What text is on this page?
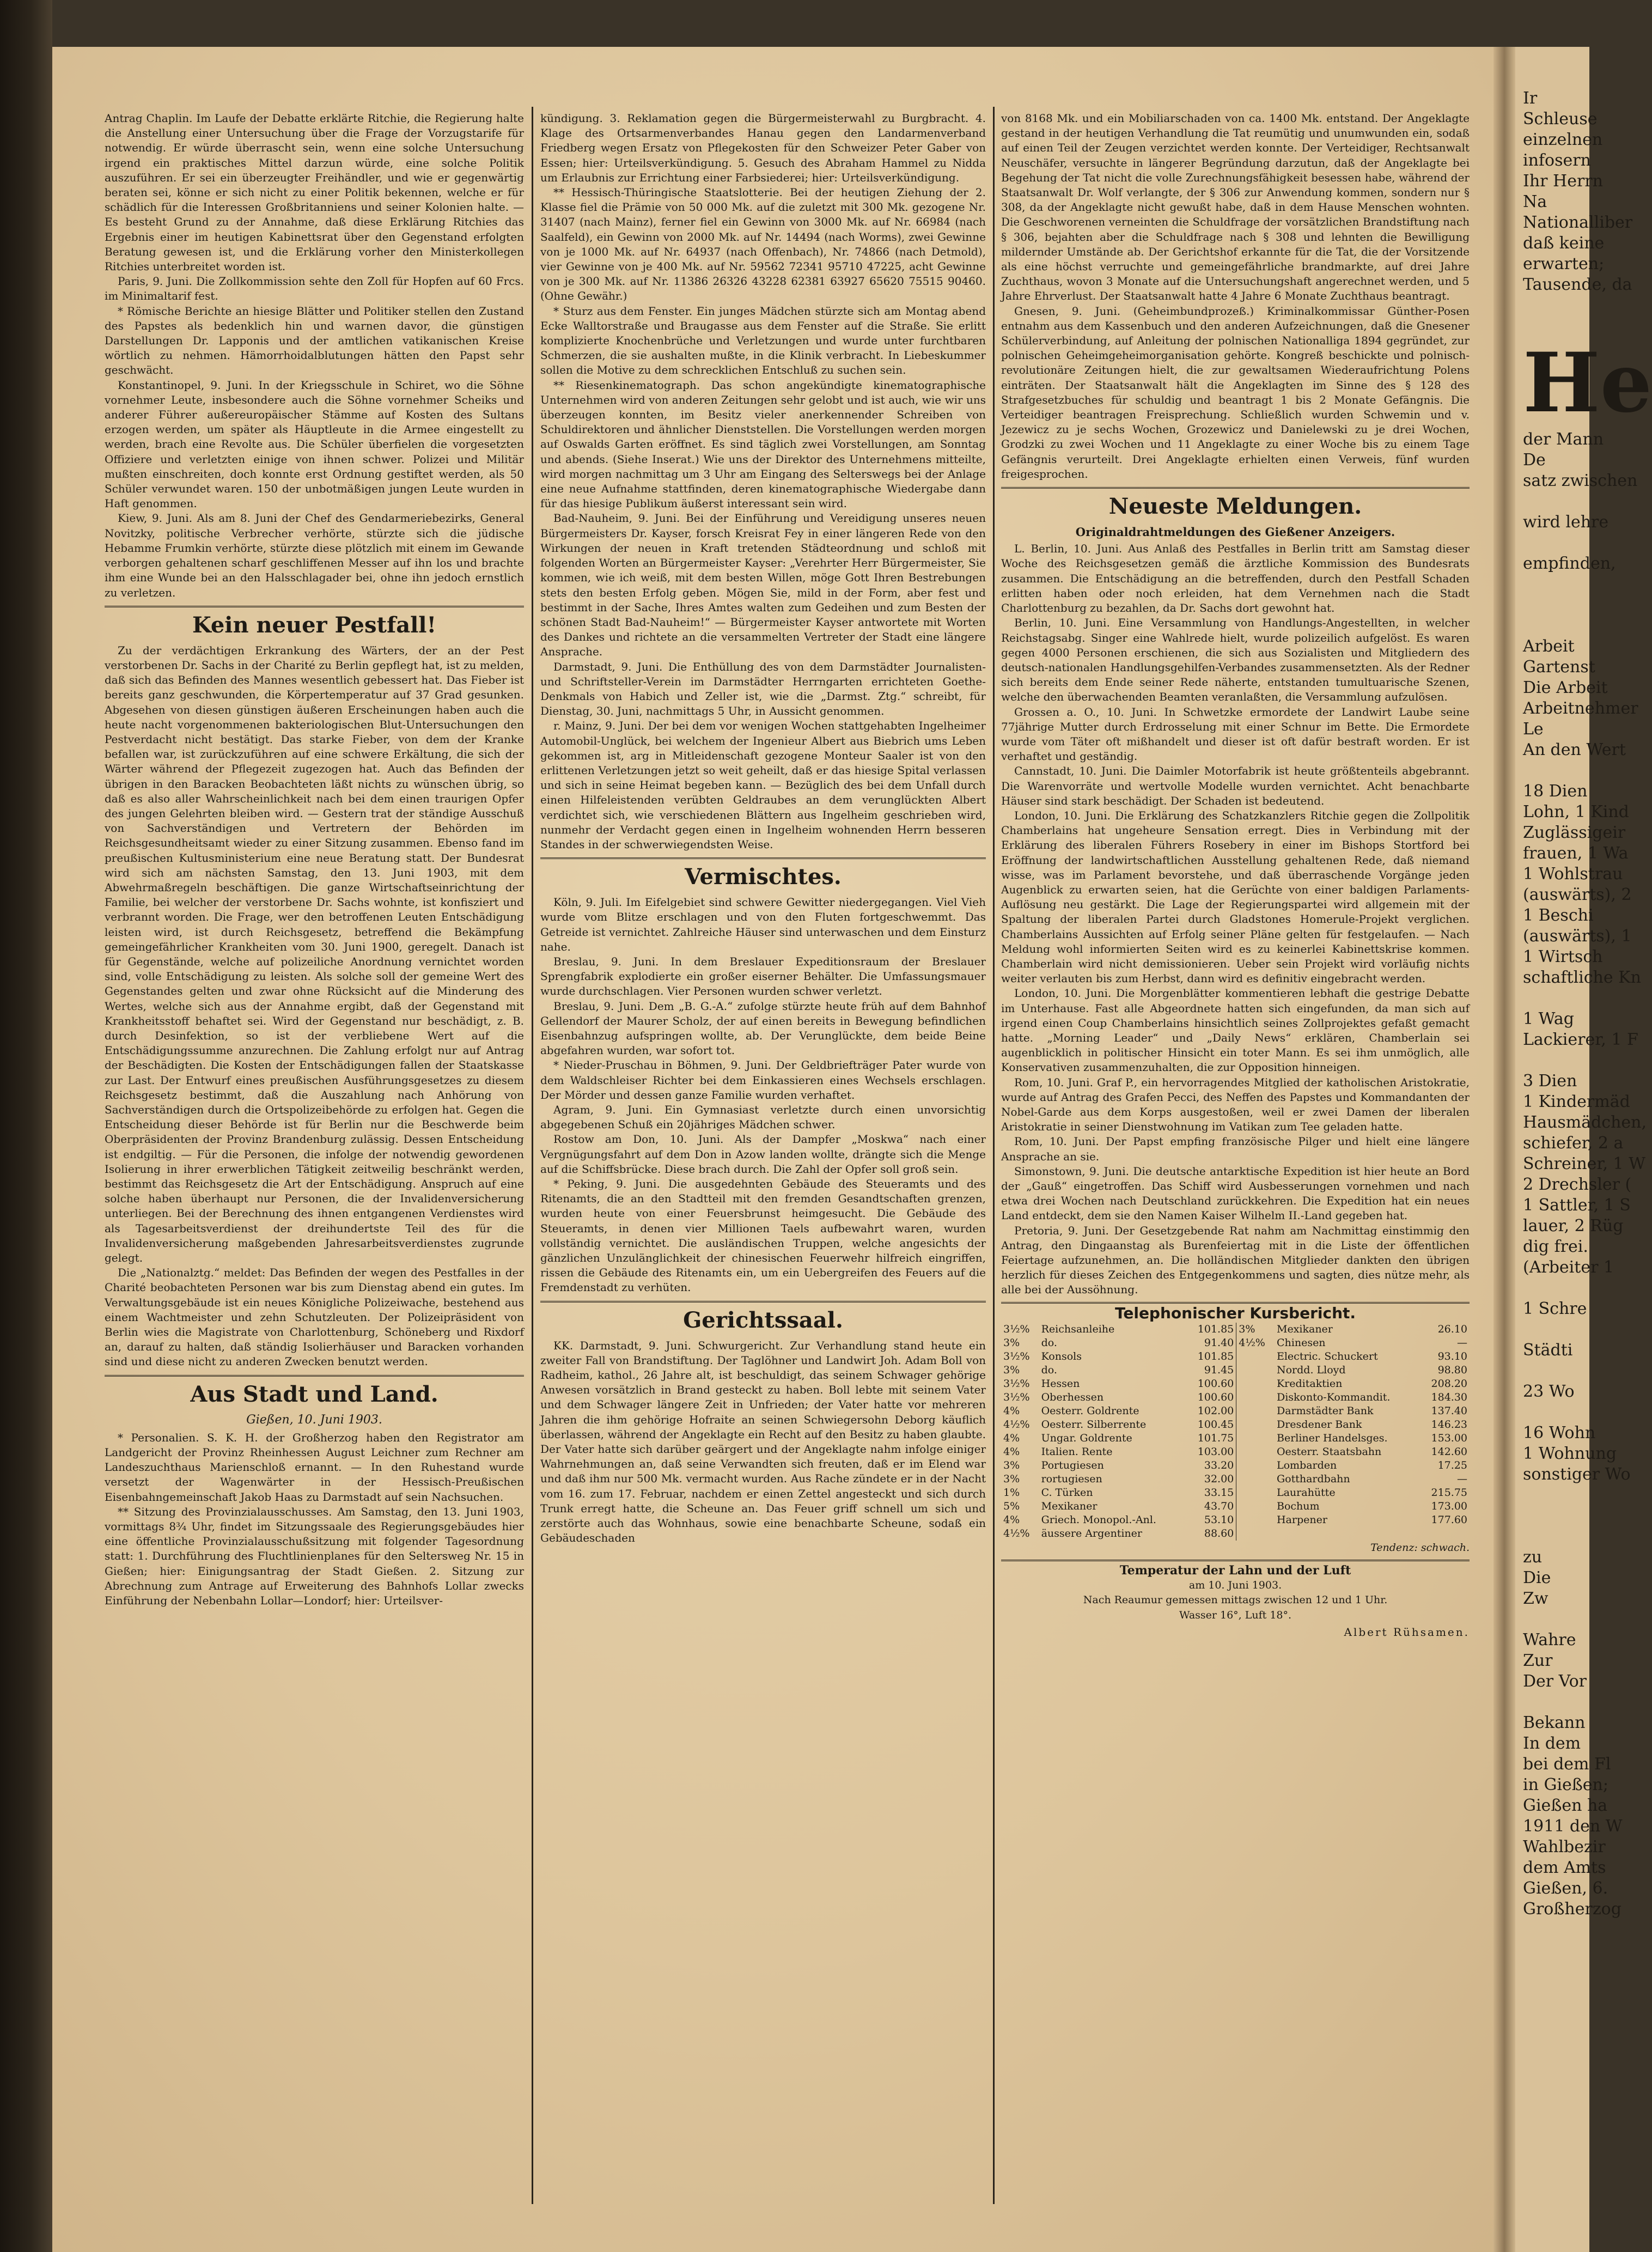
Antrag Chaplin. Im Laufe der Debatte erklärte Ritchie, die Regierung halte die Anstellung einer Untersuchung über die Frage der Vorzugstarife für notwendig. Er würde überrascht sein, wenn eine solche Untersuchung irgend ein praktisches Mittel darzun würde, eine solche Politik auszuführen. Er sei ein überzeugter Freihändler, und wie er gegenwärtig beraten sei, könne er sich nicht zu einer Politik bekennen, welche er für schädlich für die Interessen Großbritanniens und seiner Kolonien halte. — Es besteht Grund zu der Annahme, daß diese Erklärung Ritchies das Ergebnis einer im heutigen Kabinettsrat über den Gegenstand erfolgten Beratung gewesen ist, und die Erklärung vorher den Ministerkollegen Ritchies unterbreitet worden ist.

Paris, 9. Juni. Die Zollkommission sehte den Zoll für Hopfen auf 60 Frcs. im Minimaltarif fest.

* Römische Berichte an hiesige Blätter und Politiker stellen den Zustand des Papstes als bedenklich hin und warnen davor, die günstigen Darstellungen Dr. Lapponis und der amtlichen vatikanischen Kreise wörtlich zu nehmen. Hämorrhoidalblutungen hätten den Papst sehr geschwächt.

Konstantinopel, 9. Juni. In der Kriegsschule in Schiret, wo die Söhne vornehmer Leute, insbesondere auch die Söhne vornehmer Scheiks und anderer Führer außereuropäischer Stämme auf Kosten des Sultans erzogen werden, um später als Häuptleute in die Armee eingestellt zu werden, brach eine Revolte aus. Die Schüler überfielen die vorgesetzten Offiziere und verletzten einige von ihnen schwer. Polizei und Militär mußten einschreiten, doch konnte erst Ordnung gestiftet werden, als 50 Schüler verwundet waren. 150 der unbotmäßigen jungen Leute wurden in Haft genommen.

Kiew, 9. Juni. Als am 8. Juni der Chef des Gendarmeriebezirks, General Novitzky, politische Verbrecher verhörte, stürzte sich die jüdische Hebamme Frumkin verhörte, stürzte diese plötzlich mit einem im Gewande verborgen gehaltenen scharf geschliffenen Messer auf ihn los und brachte ihm eine Wunde bei an den Halsschlagader bei, ohne ihn jedoch ernstlich zu verletzen.

Kein neuer Pestfall!

Zu der verdächtigen Erkrankung des Wärters, der an der Pest verstorbenen Dr. Sachs in der Charité zu Berlin gepflegt hat, ist zu melden, daß sich das Befinden des Mannes wesentlich gebessert hat. Das Fieber ist bereits ganz geschwunden, die Körpertemperatur auf 37 Grad gesunken. Abgesehen von diesen günstigen äußeren Erscheinungen haben auch die heute nacht vorgenommenen bakteriologischen Blut-Untersuchungen den Pestverdacht nicht bestätigt. Das starke Fieber, von dem der Kranke befallen war, ist zurückzuführen auf eine schwere Erkältung, die sich der Wärter während der Pflegezeit zugezogen hat. Auch das Befinden der übrigen in den Baracken Beobachteten läßt nichts zu wünschen übrig, so daß es also aller Wahrscheinlichkeit nach bei dem einen traurigen Opfer des jungen Gelehrten bleiben wird. — Gestern trat der ständige Ausschuß von Sachverständigen und Vertretern der Behörden im Reichsgesundheitsamt wieder zu einer Sitzung zusammen. Ebenso fand im preußischen Kultusministerium eine neue Beratung statt. Der Bundesrat wird sich am nächsten Samstag, den 13. Juni 1903, mit dem Abwehrmaßregeln beschäftigen. Die ganze Wirtschaftseinrichtung der Familie, bei welcher der verstorbene Dr. Sachs wohnte, ist konfisziert und verbrannt worden. Die Frage, wer den betroffenen Leuten Entschädigung leisten wird, ist durch Reichsgesetz, betreffend die Bekämpfung gemeingefährlicher Krankheiten vom 30. Juni 1900, geregelt. Danach ist für Gegenstände, welche auf polizeiliche Anordnung vernichtet worden sind, volle Entschädigung zu leisten. Als solche soll der gemeine Wert des Gegenstandes gelten und zwar ohne Rücksicht auf die Minderung des Wertes, welche sich aus der Annahme ergibt, daß der Gegenstand mit Krankheitsstoff behaftet sei. Wird der Gegenstand nur beschädigt, z. B. durch Desinfektion, so ist der verbliebene Wert auf die Entschädigungssumme anzurechnen. Die Zahlung erfolgt nur auf Antrag der Beschädigten. Die Kosten der Entschädigungen fallen der Staatskasse zur Last. Der Entwurf eines preußischen Ausführungsgesetzes zu diesem Reichsgesetz bestimmt, daß die Auszahlung nach Anhörung von Sachverständigen durch die Ortspolizeibehörde zu erfolgen hat. Gegen die Entscheidung dieser Behörde ist für Berlin nur die Beschwerde beim Oberpräsidenten der Provinz Brandenburg zulässig. Dessen Entscheidung ist endgiltig. — Für die Personen, die infolge der notwendig gewordenen Isolierung in ihrer erwerblichen Tätigkeit zeitweilig beschränkt werden, bestimmt das Reichsgesetz die Art der Entschädigung. Anspruch auf eine solche haben überhaupt nur Personen, die der Invalidenversicherung unterliegen. Bei der Berechnung des ihnen entgangenen Verdienstes wird als Tagesarbeitsverdienst der dreihundertste Teil des für die Invalidenversicherung maßgebenden Jahresarbeitsverdienstes zugrunde gelegt.

Die „Nationalztg.“ meldet: Das Befinden der wegen des Pestfalles in der Charité beobachteten Personen war bis zum Dienstag abend ein gutes. Im Verwaltungsgebäude ist ein neues Königliche Polizeiwache, bestehend aus einem Wachtmeister und zehn Schutzleuten. Der Polizeipräsident von Berlin wies die Magistrate von Charlottenburg, Schöneberg und Rixdorf an, darauf zu halten, daß ständig Isolierhäuser und Baracken vorhanden sind und diese nicht zu anderen Zwecken benutzt werden.

Aus Stadt und Land.
Gießen, 10. Juni 1903.

* Personalien. S. K. H. der Großherzog haben den Registrator am Landgericht der Provinz Rheinhessen August Leichner zum Rechner am Landeszuchthaus Marienschloß ernannt. — In den Ruhestand wurde versetzt der Wagenwärter in der Hessisch-Preußischen Eisenbahngemeinschaft Jakob Haas zu Darmstadt auf sein Nachsuchen.

** Sitzung des Provinzialausschusses. Am Samstag, den 13. Juni 1903, vormittags 8¾ Uhr, findet im Sitzungssaale des Regierungsgebäudes hier eine öffentliche Provinzialausschußsitzung mit folgender Tagesordnung statt: 1. Durchführung des Fluchtlinienplanes für den Seltersweg Nr. 15 in Gießen; hier: Einigungsantrag der Stadt Gießen. 2. Sitzung zur Abrechnung zum Antrage auf Erweiterung des Bahnhofs Lollar zwecks Einführung der Nebenbahn Lollar—Londorf; hier: Urteilsver-

kündigung. 3. Reklamation gegen die Bürgermeisterwahl zu Burgbracht. 4. Klage des Ortsarmenverbandes Hanau gegen den Landarmenverband Friedberg wegen Ersatz von Pflegekosten für den Schweizer Peter Gaber von Essen; hier: Urteilsverkündigung. 5. Gesuch des Abraham Hammel zu Nidda um Erlaubnis zur Errichtung einer Farbsiederei; hier: Urteilsverkündigung.

** Hessisch-Thüringische Staatslotterie. Bei der heutigen Ziehung der 2. Klasse fiel die Prämie von 50 000 Mk. auf die zuletzt mit 300 Mk. gezogene Nr. 31407 (nach Mainz), ferner fiel ein Gewinn von 3000 Mk. auf Nr. 66984 (nach Saalfeld), ein Gewinn von 2000 Mk. auf Nr. 14494 (nach Worms), zwei Gewinne von je 1000 Mk. auf Nr. 64937 (nach Offenbach), Nr. 74866 (nach Detmold), vier Gewinne von je 400 Mk. auf Nr. 59562 72341 95710 47225, acht Gewinne von je 300 Mk. auf Nr. 11386 26326 43228 62381 63927 65620 75515 90460. (Ohne Gewähr.)

* Sturz aus dem Fenster. Ein junges Mädchen stürzte sich am Montag abend Ecke Walltorstraße und Braugasse aus dem Fenster auf die Straße. Sie erlitt komplizierte Knochenbrüche und Verletzungen und wurde unter furchtbaren Schmerzen, die sie aushalten mußte, in die Klinik verbracht. In Liebeskummer sollen die Motive zu dem schrecklichen Entschluß zu suchen sein.

** Riesenkinematograph. Das schon angekündigte kinematographische Unternehmen wird von anderen Zeitungen sehr gelobt und ist auch, wie wir uns überzeugen konnten, im Besitz vieler anerkennender Schreiben von Schuldirektoren und ähnlicher Dienststellen. Die Vorstellungen werden morgen auf Oswalds Garten eröffnet. Es sind täglich zwei Vorstellungen, am Sonntag und abends. (Siehe Inserat.) Wie uns der Direktor des Unternehmens mitteilte, wird morgen nachmittag um 3 Uhr am Eingang des Selterswegs bei der Anlage eine neue Aufnahme stattfinden, deren kinematographische Wiedergabe dann für das hiesige Publikum äußerst interessant sein wird.

Bad-Nauheim, 9. Juni. Bei der Einführung und Vereidigung unseres neuen Bürgermeisters Dr. Kayser, forsch Kreisrat Fey in einer längeren Rede von den Wirkungen der neuen in Kraft tretenden Städteordnung und schloß mit folgenden Worten an Bürgermeister Kayser: „Verehrter Herr Bürgermeister, Sie kommen, wie ich weiß, mit dem besten Willen, möge Gott Ihren Bestrebungen stets den besten Erfolg geben. Mögen Sie, mild in der Form, aber fest und bestimmt in der Sache, Ihres Amtes walten zum Gedeihen und zum Besten der schönen Stadt Bad-Nauheim!“ — Bürgermeister Kayser antwortete mit Worten des Dankes und richtete an die versammelten Vertreter der Stadt eine längere Ansprache.

Darmstadt, 9. Juni. Die Enthüllung des von dem Darmstädter Journalisten- und Schriftsteller-Verein im Darmstädter Herrngarten errichteten Goethe-Denkmals von Habich und Zeller ist, wie die „Darmst. Ztg.“ schreibt, für Dienstag, 30. Juni, nachmittags 5 Uhr, in Aussicht genommen.

r. Mainz, 9. Juni. Der bei dem vor wenigen Wochen stattgehabten Ingelheimer Automobil-Unglück, bei welchem der Ingenieur Albert aus Biebrich ums Leben gekommen ist, arg in Mitleidenschaft gezogene Monteur Saaler ist von den erlittenen Verletzungen jetzt so weit geheilt, daß er das hiesige Spital verlassen und sich in seine Heimat begeben kann. — Bezüglich des bei dem Unfall durch einen Hilfeleistenden verübten Geldraubes an dem verunglückten Albert verdichtet sich, wie verschiedenen Blättern aus Ingelheim geschrieben wird, nunmehr der Verdacht gegen einen in Ingelheim wohnenden Herrn besseren Standes in der schwerwiegendsten Weise.

Vermischtes.

Köln, 9. Juli. Im Eifelgebiet sind schwere Gewitter niedergegangen. Viel Vieh wurde vom Blitze erschlagen und von den Fluten fortgeschwemmt. Das Getreide ist vernichtet. Zahlreiche Häuser sind unterwaschen und dem Einsturz nahe.

Breslau, 9. Juni. In dem Breslauer Expeditionsraum der Breslauer Sprengfabrik explodierte ein großer eiserner Behälter. Die Umfassungsmauer wurde durchschlagen. Vier Personen wurden schwer verletzt.

Breslau, 9. Juni. Dem „B. G.-A.“ zufolge stürzte heute früh auf dem Bahnhof Gellendorf der Maurer Scholz, der auf einen bereits in Bewegung befindlichen Eisenbahnzug aufspringen wollte, ab. Der Verunglückte, dem beide Beine abgefahren wurden, war sofort tot.

* Nieder-Pruschau in Böhmen, 9. Juni. Der Geldbriefträger Pater wurde von dem Waldschleiser Richter bei dem Einkassieren eines Wechsels erschlagen. Der Mörder und dessen ganze Familie wurden verhaftet.

Agram, 9. Juni. Ein Gymnasiast verletzte durch einen unvorsichtig abgegebenen Schuß ein 20jähriges Mädchen schwer.

Rostow am Don, 10. Juni. Als der Dampfer „Moskwa“ nach einer Vergnügungsfahrt auf dem Don in Azow landen wollte, drängte sich die Menge auf die Schiffsbrücke. Diese brach durch. Die Zahl der Opfer soll groß sein.

* Peking, 9. Juni. Die ausgedehnten Gebäude des Steueramts und des Ritenamts, die an den Stadtteil mit den fremden Gesandtschaften grenzen, wurden heute von einer Feuersbrunst heimgesucht. Die Gebäude des Steueramts, in denen vier Millionen Taels aufbewahrt waren, wurden vollständig vernichtet. Die ausländischen Truppen, welche angesichts der gänzlichen Unzulänglichkeit der chinesischen Feuerwehr hilfreich eingriffen, rissen die Gebäude des Ritenamts ein, um ein Uebergreifen des Feuers auf die Fremdenstadt zu verhüten.

Gerichtssaal.

KK. Darmstadt, 9. Juni. Schwurgericht. Zur Verhandlung stand heute ein zweiter Fall von Brandstiftung. Der Taglöhner und Landwirt Joh. Adam Boll von Radheim, kathol., 26 Jahre alt, ist beschuldigt, das seinem Schwager gehörige Anwesen vorsätzlich in Brand gesteckt zu haben. Boll lebte mit seinem Vater und dem Schwager längere Zeit in Unfrieden; der Vater hatte vor mehreren Jahren die ihm gehörige Hofraite an seinen Schwiegersohn Deborg käuflich überlassen, während der Angeklagte ein Recht auf den Besitz zu haben glaubte. Der Vater hatte sich darüber geärgert und der Angeklagte nahm infolge einiger Wahrnehmungen an, daß seine Verwandten sich freuten, daß er im Elend war und daß ihm nur 500 Mk. vermacht wurden. Aus Rache zündete er in der Nacht vom 16. zum 17. Februar, nachdem er einen Zettel angesteckt und sich durch Trunk erregt hatte, die Scheune an. Das Feuer griff schnell um sich und zerstörte auch das Wohnhaus, sowie eine benachbarte Scheune, sodaß ein Gebäudeschaden

von 8168 Mk. und ein Mobiliarschaden von ca. 1400 Mk. entstand. Der Angeklagte gestand in der heutigen Verhandlung die Tat reumütig und unumwunden ein, sodaß auf einen Teil der Zeugen verzichtet werden konnte. Der Verteidiger, Rechtsanwalt Neuschäfer, versuchte in längerer Begründung darzutun, daß der Angeklagte bei Begehung der Tat nicht die volle Zurechnungsfähigkeit besessen habe, während der Staatsanwalt Dr. Wolf verlangte, der § 306 zur Anwendung kommen, sondern nur § 308, da der Angeklagte nicht gewußt habe, daß in dem Hause Menschen wohnten. Die Geschworenen verneinten die Schuldfrage der vorsätzlichen Brandstiftung nach § 306, bejahten aber die Schuldfrage nach § 308 und lehnten die Bewilligung mildernder Umstände ab. Der Gerichtshof erkannte für die Tat, die der Vorsitzende als eine höchst verruchte und gemeingefährliche brandmarkte, auf drei Jahre Zuchthaus, wovon 3 Monate auf die Untersuchungshaft angerechnet werden, und 5 Jahre Ehrverlust. Der Staatsanwalt hatte 4 Jahre 6 Monate Zuchthaus beantragt.

Gnesen, 9. Juni. (Geheimbundprozeß.) Kriminalkommissar Günther-Posen entnahm aus dem Kassenbuch und den anderen Aufzeichnungen, daß die Gnesener Schülerverbindung, auf Anleitung der polnischen Nationalliga 1894 gegründet, zur polnischen Geheimgeheimorganisation gehörte. Kongreß beschickte und polnisch-revolutionäre Zeitungen hielt, die zur gewaltsamen Wiederaufrichtung Polens einträten. Der Staatsanwalt hält die Angeklagten im Sinne des § 128 des Strafgesetzbuches für schuldig und beantragt 1 bis 2 Monate Gefängnis. Die Verteidiger beantragen Freisprechung. Schließlich wurden Schwemin und v. Jezewicz zu je sechs Wochen, Grozewicz und Danielewski zu je drei Wochen, Grodzki zu zwei Wochen und 11 Angeklagte zu einer Woche bis zu einem Tage Gefängnis verurteilt. Drei Angeklagte erhielten einen Verweis, fünf wurden freigesprochen.

Neueste Meldungen.
Originaldrahtmeldungen des Gießener Anzeigers.

L. Berlin, 10. Juni. Aus Anlaß des Pestfalles in Berlin tritt am Samstag dieser Woche des Reichsgesetzen gemäß die ärztliche Kommission des Bundesrats zusammen. Die Entschädigung an die betreffenden, durch den Pestfall Schaden erlitten haben oder noch erleiden, hat dem Vernehmen nach die Stadt Charlottenburg zu bezahlen, da Dr. Sachs dort gewohnt hat.

Berlin, 10. Juni. Eine Versammlung von Handlungs-Angestellten, in welcher Reichstagsabg. Singer eine Wahlrede hielt, wurde polizeilich aufgelöst. Es waren gegen 4000 Personen erschienen, die sich aus Sozialisten und Mitgliedern des deutsch-nationalen Handlungsgehilfen-Verbandes zusammensetzten. Als der Redner sich bereits dem Ende seiner Rede näherte, entstanden tumultuarische Szenen, welche den überwachenden Beamten veranlaßten, die Versammlung aufzulösen.

Grossen a. O., 10. Juni. In Schwetzke ermordete der Landwirt Laube seine 77jährige Mutter durch Erdrosselung mit einer Schnur im Bette. Die Ermordete wurde vom Täter oft mißhandelt und dieser ist oft dafür bestraft worden. Er ist verhaftet und geständig.

Cannstadt, 10. Juni. Die Daimler Motorfabrik ist heute größtenteils abgebrannt. Die Warenvorräte und wertvolle Modelle wurden vernichtet. Acht benachbarte Häuser sind stark beschädigt. Der Schaden ist bedeutend.

London, 10. Juni. Die Erklärung des Schatzkanzlers Ritchie gegen die Zollpolitik Chamberlains hat ungeheure Sensation erregt. Dies in Verbindung mit der Erklärung des liberalen Führers Rosebery in einer im Bishops Stortford bei Eröffnung der landwirtschaftlichen Ausstellung gehaltenen Rede, daß niemand wisse, was im Parlament bevorstehe, und daß überraschende Vorgänge jeden Augenblick zu erwarten seien, hat die Gerüchte von einer baldigen Parlaments-Auflösung neu gestärkt. Die Lage der Regierungspartei wird allgemein mit der Spaltung der liberalen Partei durch Gladstones Homerule-Projekt verglichen. Chamberlains Aussichten auf Erfolg seiner Pläne gelten für festgelaufen. — Nach Meldung wohl informierten Seiten wird es zu keinerlei Kabinettskrise kommen. Chamberlain wird nicht demissionieren. Ueber sein Projekt wird vorläufig nichts weiter verlauten bis zum Herbst, dann wird es definitiv eingebracht werden.

London, 10. Juni. Die Morgenblätter kommentieren lebhaft die gestrige Debatte im Unterhause. Fast alle Abgeordnete hatten sich eingefunden, da man sich auf irgend einen Coup Chamberlains hinsichtlich seines Zollprojektes gefaßt gemacht hatte. „Morning Leader“ und „Daily News“ erklären, Chamberlain sei augenblicklich in politischer Hinsicht ein toter Mann. Es sei ihm unmöglich, alle Konservativen zusammenzuhalten, die zur Opposition hinneigen.

Rom, 10. Juni. Graf P., ein hervorragendes Mitglied der katholischen Aristokratie, wurde auf Antrag des Grafen Pecci, des Neffen des Papstes und Kommandanten der Nobel-Garde aus dem Korps ausgestoßen, weil er zwei Damen der liberalen Aristokratie in seiner Dienstwohnung im Vatikan zum Tee geladen hatte.

Rom, 10. Juni. Der Papst empfing französische Pilger und hielt eine längere Ansprache an sie.

Simonstown, 9. Juni. Die deutsche antarktische Expedition ist hier heute an Bord der „Gauß“ eingetroffen. Das Schiff wird Ausbesserungen vornehmen und nach etwa drei Wochen nach Deutschland zurückkehren. Die Expedition hat ein neues Land entdeckt, dem sie den Namen Kaiser Wilhelm II.-Land gegeben hat.

Pretoria, 9. Juni. Der Gesetzgebende Rat nahm am Nachmittag einstimmig den Antrag, den Dingaanstag als Burenfeiertag mit in die Liste der öffentlichen Feiertage aufzunehmen, an. Die holländischen Mitglieder dankten den übrigen herzlich für dieses Zeichen des Entgegenkommens und sagten, dies nütze mehr, als alle bei der Aussöhnung.

Telephonischer Kursbericht.
3½%	Reichsanleihe	101.85	3%	Mexikaner	26.10
3%	do.	91.40	4½%	Chinesen	—
3½%	Konsols	101.85		Electric. Schuckert	93.10
3%	do.	91.45		Nordd. Lloyd	98.80
3½%	Hessen	100.60		Kreditaktien	208.20
3½%	Oberhessen	100.60		Diskonto-Kommandit.	184.30
4%	Oesterr. Goldrente	102.00		Darmstädter Bank	137.40
4½%	Oesterr. Silberrente	100.45		Dresdener Bank	146.23
4%	Ungar. Goldrente	101.75		Berliner Handelsges.	153.00
4%	Italien. Rente	103.00		Oesterr. Staatsbahn	142.60
3%	Portugiesen	33.20		Lombarden	17.25
3%	rortugiesen	32.00		Gotthardbahn	—
1%	C. Türken	33.15		Laurahütte	215.75
5%	Mexikaner	43.70		Bochum	173.00
4%	Griech. Monopol.-Anl.	53.10		Harpener	177.60
4½%	äussere Argentiner	88.60			
Tendenz: schwach.
Temperatur der Lahn und der Luft
am 10. Juni 1903.
Nach Reaumur gemessen mittags zwischen 12 und 1 Uhr.
Wasser 16°, Luft 18°.
Albert Rühsamen.

Ir

Schleuse

einzelnen

infosern

Ihr Herrn

Na

Nationalliber

daß keine

erwarten;

Tausende, da

He

der Mann

De

satz zwischen

wird lehre

empfinden,

Arbeit

Gartenst

Die Arbeit

Arbeitnehmer

Le

An den Wert

18 Dien

Lohn, 1 Kind

Zuglässigeir

frauen, 1 Wa

1 Wohlstrau

(auswärts), 2

1 Beschi

(auswärts), 1

1 Wirtsch

schaftliche Kn

1 Wag

Lackierer, 1 F

3 Dien

1 Kindermäd

Hausmädchen,

schiefer, 2 a

Schreiner, 1 W

2 Drechsler (

1 Sattler, 1 S

lauer, 2 Rüg

dig frei.

(Arbeiter 1

1 Schre

Städti

23 Wo

16 Wohn

1 Wohnung

sonstiger Wo

zu

Die

Zw

Wahre

Zur

Der Vor

Bekann

In dem

bei dem Fl

in Gießen;

Gießen ha

1911 den W

Wahlbezir

dem Amts

Gießen, 6.

Großherzog
